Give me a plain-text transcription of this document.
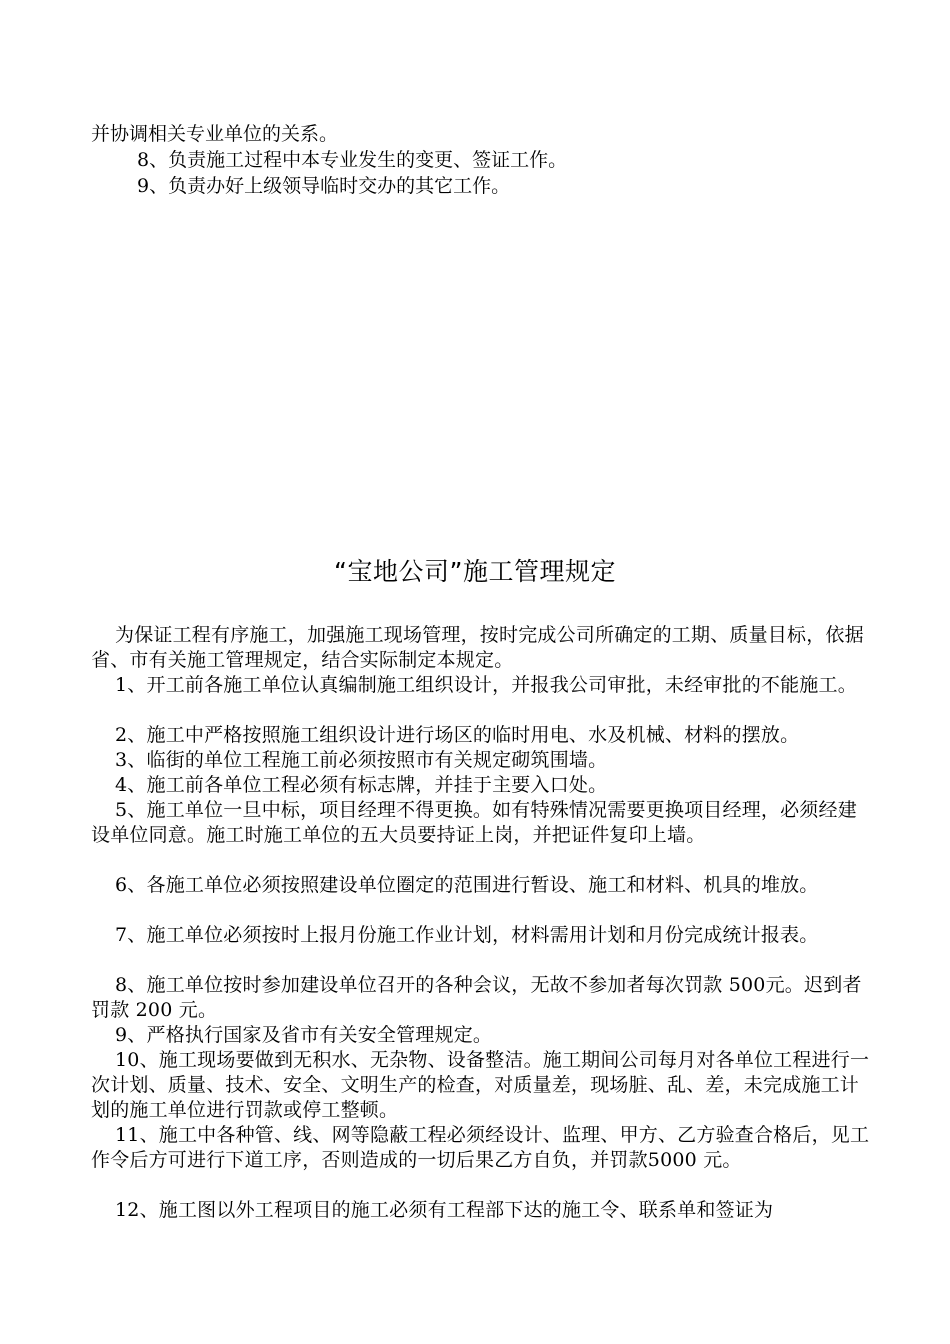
并协调相关专业单位的关系。
8、负责施工过程中本专业发生的变更、签证工作。
9、负责办好上级领导临时交办的其它工作。
“宝地公司”施工管理规定
为保证工程有序施工，加强施工现场管理，按时完成公司所确定的工期、质量目标，依据省、市有关施工管理规定，结合实际制定本规定。
1、开工前各施工单位认真编制施工组织设计，并报我公司审批，未经审批的不能施工。
2、施工中严格按照施工组织设计进行场区的临时用电、水及机械、材料的摆放。
3、临街的单位工程施工前必须按照市有关规定砌筑围墙。
4、施工前各单位工程必须有标志牌，并挂于主要入口处。
5、施工单位一旦中标，项目经理不得更换。如有特殊情况需要更换项目经理，必须经建设单位同意。施工时施工单位的五大员要持证上岗，并把证件复印上墙。
6、各施工单位必须按照建设单位圈定的范围进行暂设、施工和材料、机具的堆放。
7、施工单位必须按时上报月份施工作业计划，材料需用计划和月份完成统计报表。
8、施工单位按时参加建设单位召开的各种会议，无故不参加者每次罚款 500元。迟到者罚款 200 元。
9、严格执行国家及省市有关安全管理规定。
10、施工现场要做到无积水、无杂物、设备整洁。施工期间公司每月对各单位工程进行一次计划、质量、技术、安全、文明生产的检查，对质量差，现场脏、乱、差，未完成施工计划的施工单位进行罚款或停工整顿。
11、施工中各种管、线、网等隐蔽工程必须经设计、监理、甲方、乙方验查合格后，见工作令后方可进行下道工序，否则造成的一切后果乙方自负，并罚款5000 元。
12、施工图以外工程项目的施工必须有工程部下达的施工令、联系单和签证为
